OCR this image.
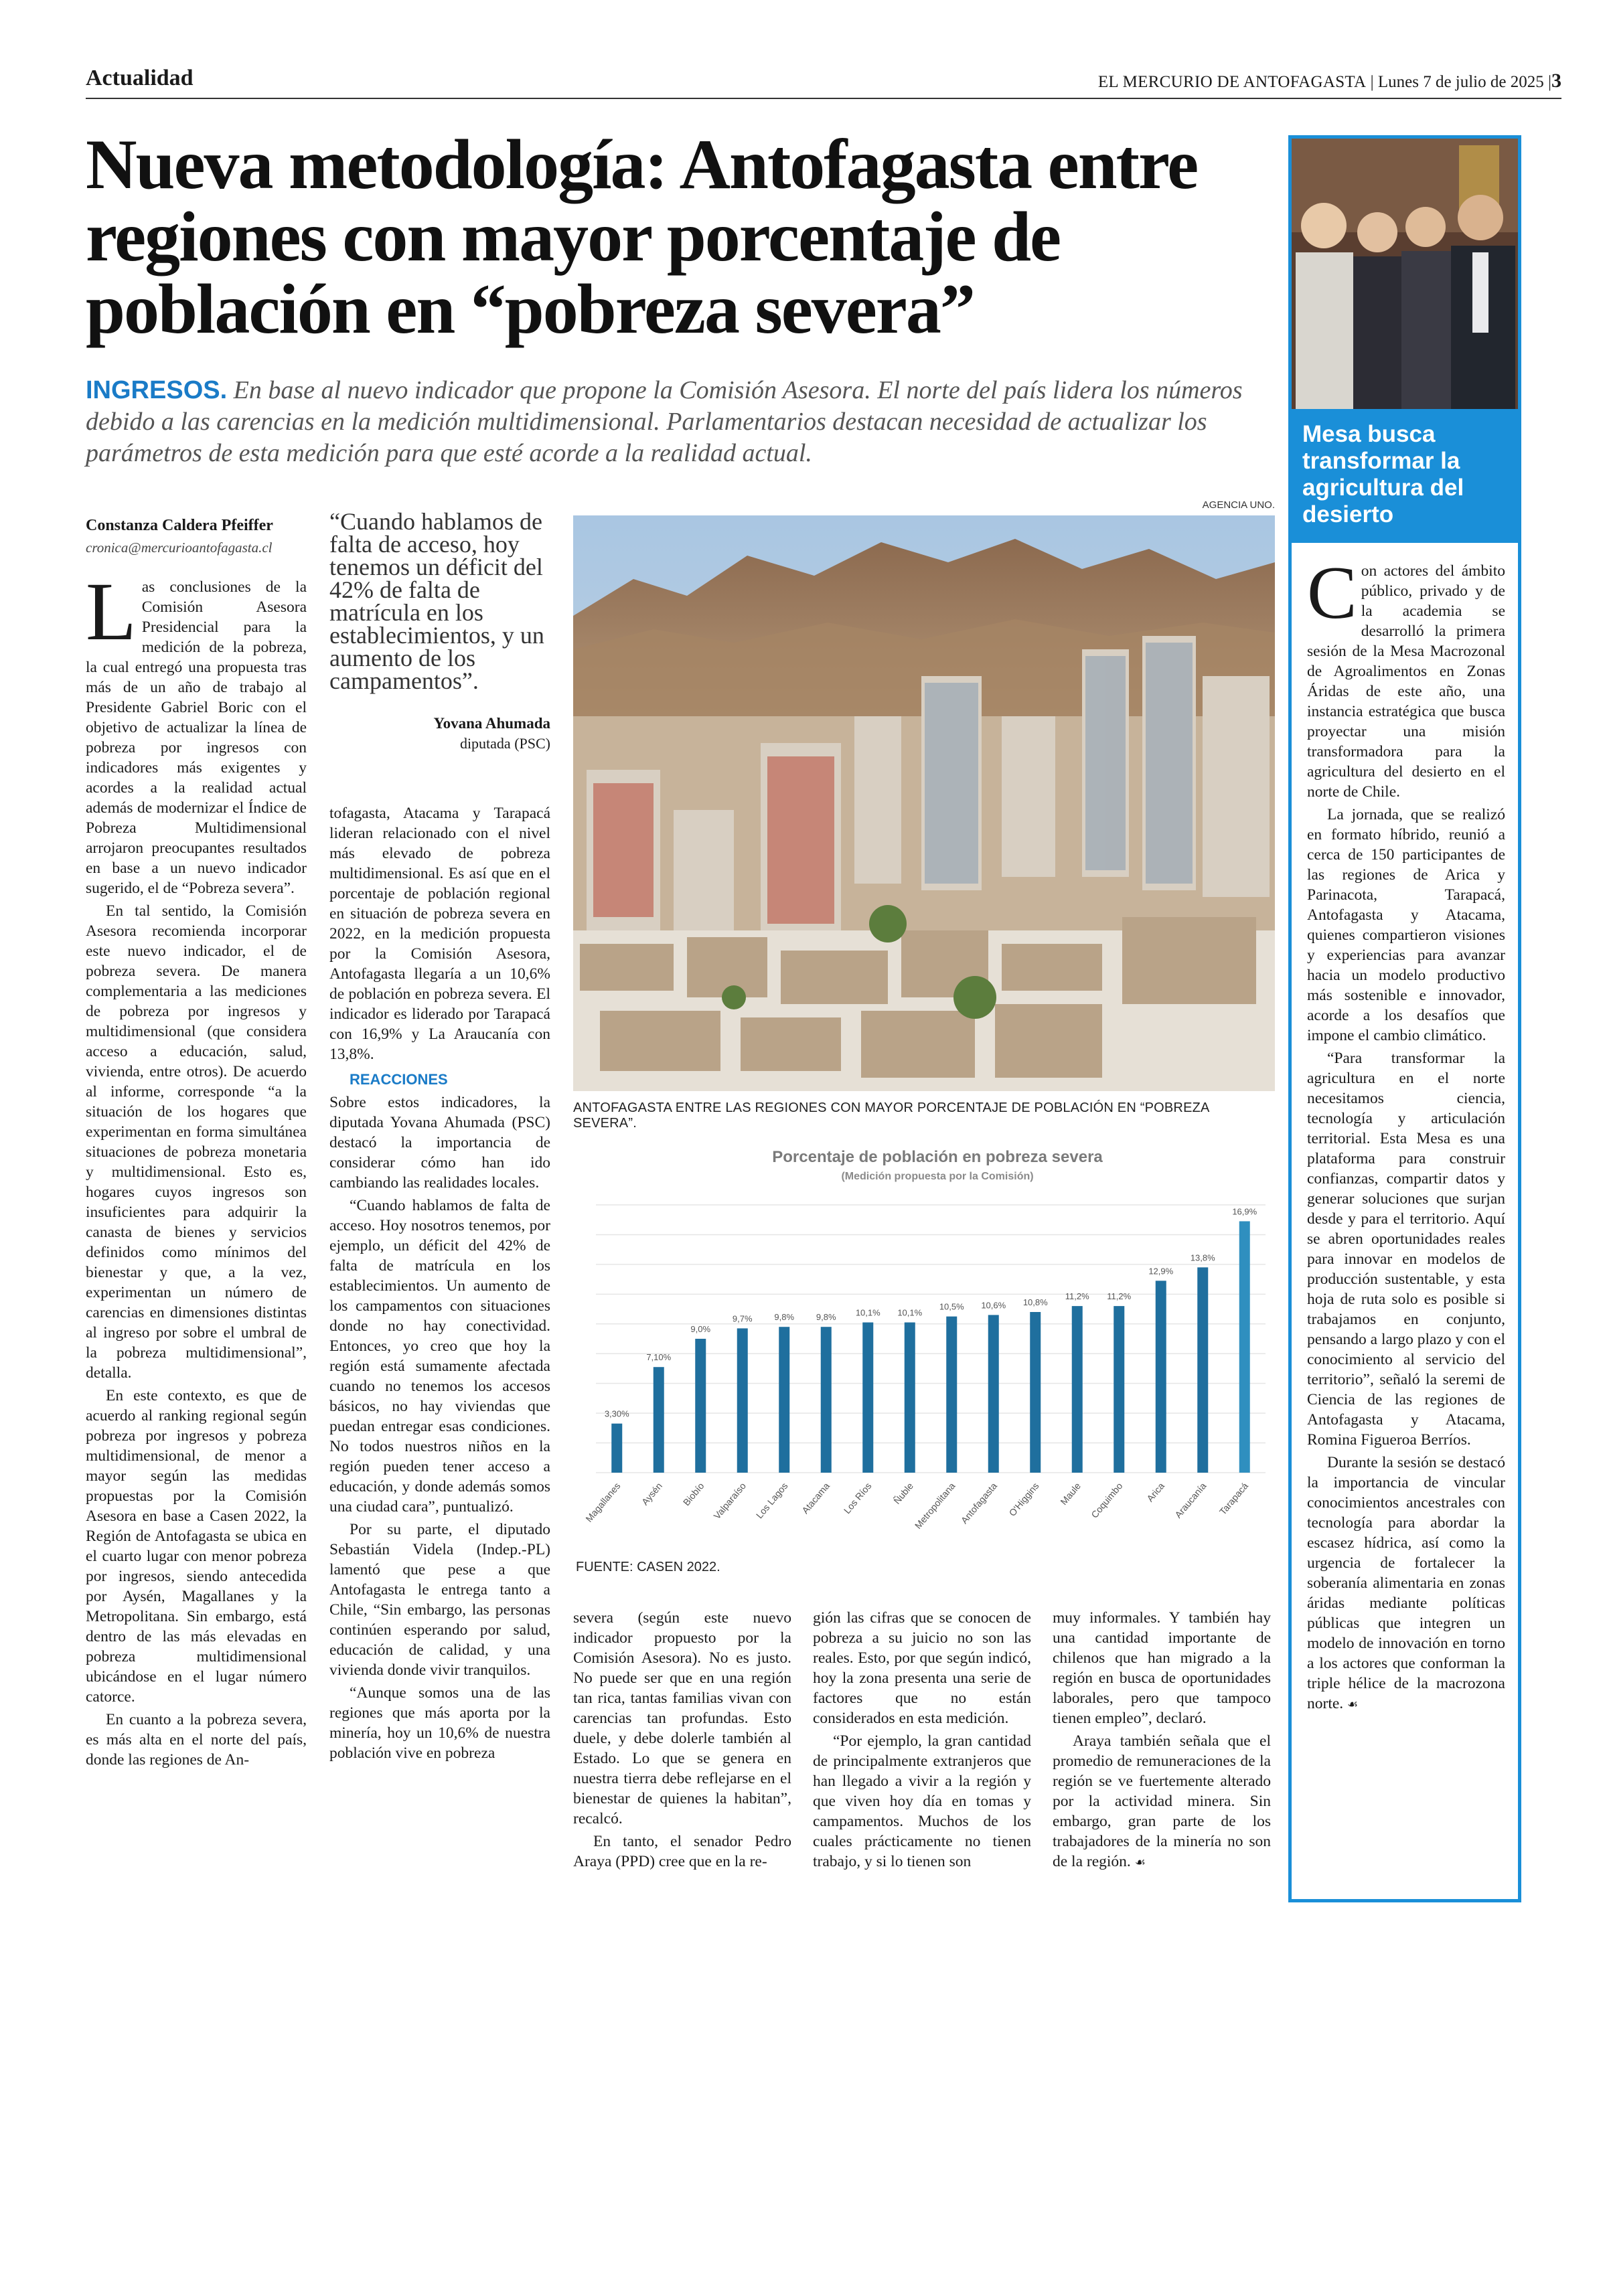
Actualidad	EL MERCURIO DE ANTOFAGASTA | Lunes 7 de julio de 2025 |3
Nueva metodología: Antofagasta entre regiones con mayor porcentaje de población en “pobreza severa”
INGRESOS. En base al nuevo indicador que propone la Comisión Asesora. El norte del país lidera los números debido a las carencias en la medición multidimensional. Parlamentarios destacan necesidad de actualizar los parámetros de esta medición para que esté acorde a la realidad actual.
Constanza Caldera Pfeiffer
cronica@mercurioantofagasta.cl

Las conclusiones de la Comisión Asesora Presidencial para la medición de la pobreza, la cual entregó una propuesta tras más de un año de trabajo al Presidente Gabriel Boric con el objetivo de actualizar la línea de pobreza por ingresos con indicadores más exigentes y acordes a la realidad actual además de modernizar el Índice de Pobreza Multidimensional arrojaron preocupantes resultados en base a un nuevo indicador sugerido, el de “Pobreza severa”.

En tal sentido, la Comisión Asesora recomienda incorporar este nuevo indicador, el de pobreza severa. De manera complementaria a las mediciones de pobreza por ingresos y multidimensional (que considera acceso a educación, salud, vivienda, entre otros). De acuerdo al informe, corresponde “a la situación de los hogares que experimentan en forma simultánea situaciones de pobreza monetaria y multidimensional. Esto es, hogares cuyos ingresos son insuficientes para adquirir la canasta de bienes y servicios definidos como mínimos del bienestar y que, a la vez, experimentan un número de carencias en dimensiones distintas al ingreso por sobre el umbral de la pobreza multidimensional”, detalla.

En este contexto, es que de acuerdo al ranking regional según pobreza por ingresos y pobreza multidimensional, de menor a mayor según las medidas propuestas por la Comisión Asesora en base a Casen 2022, la Región de Antofagasta se ubica en el cuarto lugar con menor pobreza por ingresos, siendo antecedida por Aysén, Magallanes y la Metropolitana. Sin embargo, está dentro de las más elevadas en pobreza multidimensional ubicándose en el lugar número catorce.

En cuanto a la pobreza severa, es más alta en el norte del país, donde las regiones de An-

“Cuando hablamos de falta de acceso, hoy tenemos un déficit del 42% de falta de matrícula en los establecimientos, y un aumento de los campamentos”.
Yovana Ahumada
diputada (PSC)

tofagasta, Atacama y Tarapacá lideran relacionado con el nivel más elevado de pobreza multidimensional. Es así que en el porcentaje de población regional en situación de pobreza severa en 2022, en la medición propuesta por la Comisión Asesora, Antofagasta llegaría a un 10,6% de población en pobreza severa. El indicador es liderado por Tarapacá con 16,9% y La Araucanía con 13,8%.

REACCIONES

Sobre estos indicadores, la diputada Yovana Ahumada (PSC) destacó la importancia de considerar cómo han ido cambiando las realidades locales.

“Cuando hablamos de falta de acceso. Hoy nosotros tenemos, por ejemplo, un déficit del 42% de falta de matrícula en los establecimientos. Un aumento de los campamentos con situaciones donde no hay conectividad. Entonces, yo creo que hoy la región está sumamente afectada cuando no tenemos los accesos básicos, no hay viviendas que puedan entregar esas condiciones. No todos nuestros niños en la región pueden tener acceso a educación, y donde además somos una ciudad cara”, puntualizó.

Por su parte, el diputado Sebastián Videla (Indep.-PL) lamentó que pese a que Antofagasta le entrega tanto a Chile, “Sin embargo, las personas continúen esperando por salud, educación de calidad, y una vivienda donde vivir tranquilos.

“Aunque somos una de las regiones que más aporta por la minería, hoy un 10,6% de nuestra población vive en pobreza

AGENCIA UNO.
ANTOFAGASTA ENTRE LAS REGIONES CON MAYOR PORCENTAJE DE POBLACIÓN EN “POBREZA SEVERA”.
Porcentaje de población en pobreza severa
(Medición propuesta por la Comisión)
3,30%
7,10%
9,0%
9,7%	9,8%	9,8% 10,1% 10,1%
10,5% 10,6% 10,8%
11,2% 11,2%
12,9%
13,8%
16,9%
Magallanes Aysén Biobío Valparaíso Los Lagos Atacama Los Ríos Ñuble
Metropolitana Antofagasta O'Higgins Maule Coquimbo Arica Araucanía Tarapacá
FUENTE: CASEN 2022.

severa (según este nuevo indicador propuesto por la Comisión Asesora). No es justo. No puede ser que en una región tan rica, tantas familias vivan con carencias tan profundas. Esto duele, y debe dolerle también al Estado. Lo que se genera en nuestra tierra debe reflejarse en el bienestar de quienes la habitan”, recalcó.

En tanto, el senador Pedro Araya (PPD) cree que en la re-

gión las cifras que se conocen de pobreza a su juicio no son las reales. Esto, por que según indicó, hoy la zona presenta una serie de factores que no están considerados en esta medición.

“Por ejemplo, la gran cantidad de principalmente extranjeros que han llegado a vivir a la región y que viven hoy día en tomas y campamentos. Muchos de los cuales prácticamente no tienen trabajo, y si lo tienen son

muy informales. Y también hay una cantidad importante de chilenos que han migrado a la región en busca de oportunidades laborales, pero que tampoco tienen empleo”, declaró.

Araya también señala que el promedio de remuneraciones de la región se ve fuertemente alterado por la actividad minera. Sin embargo, gran parte de los trabajadores de la minería no son de la región. ☙

Mesa busca transformar la agricultura del desierto

Con actores del ámbito público, privado y de la academia se desarrolló la primera sesión de la Mesa Macrozonal de Agroalimentos en Zonas Áridas de este año, una instancia estratégica que busca proyectar una misión transformadora para la agricultura del desierto en el norte de Chile.

La jornada, que se realizó en formato híbrido, reunió a cerca de 150 participantes de las regiones de Arica y Parinacota, Tarapacá, Antofagasta y Atacama, quienes compartieron visiones y experiencias para avanzar hacia un modelo productivo más sostenible e innovador, acorde a los desafíos que impone el cambio climático.

“Para transformar la agricultura en el norte necesitamos ciencia, tecnología y articulación territorial. Esta Mesa es una plataforma para construir confianzas, compartir datos y generar soluciones que surjan desde y para el territorio. Aquí se abren oportunidades reales para innovar en modelos de producción sustentable, y esta hoja de ruta solo es posible si trabajamos en conjunto, pensando a largo plazo y con el conocimiento al servicio del territorio”, señaló la seremi de Ciencia de las regiones de Antofagasta y Atacama, Romina Figueroa Berríos.

Durante la sesión se destacó la importancia de vincular conocimientos ancestrales con tecnología para abordar la escasez hídrica, así como la urgencia de fortalecer la soberanía alimentaria en zonas áridas mediante políticas públicas que integren un modelo de innovación en torno a los actores que conforman la triple hélice de la macrozona norte. ☙
